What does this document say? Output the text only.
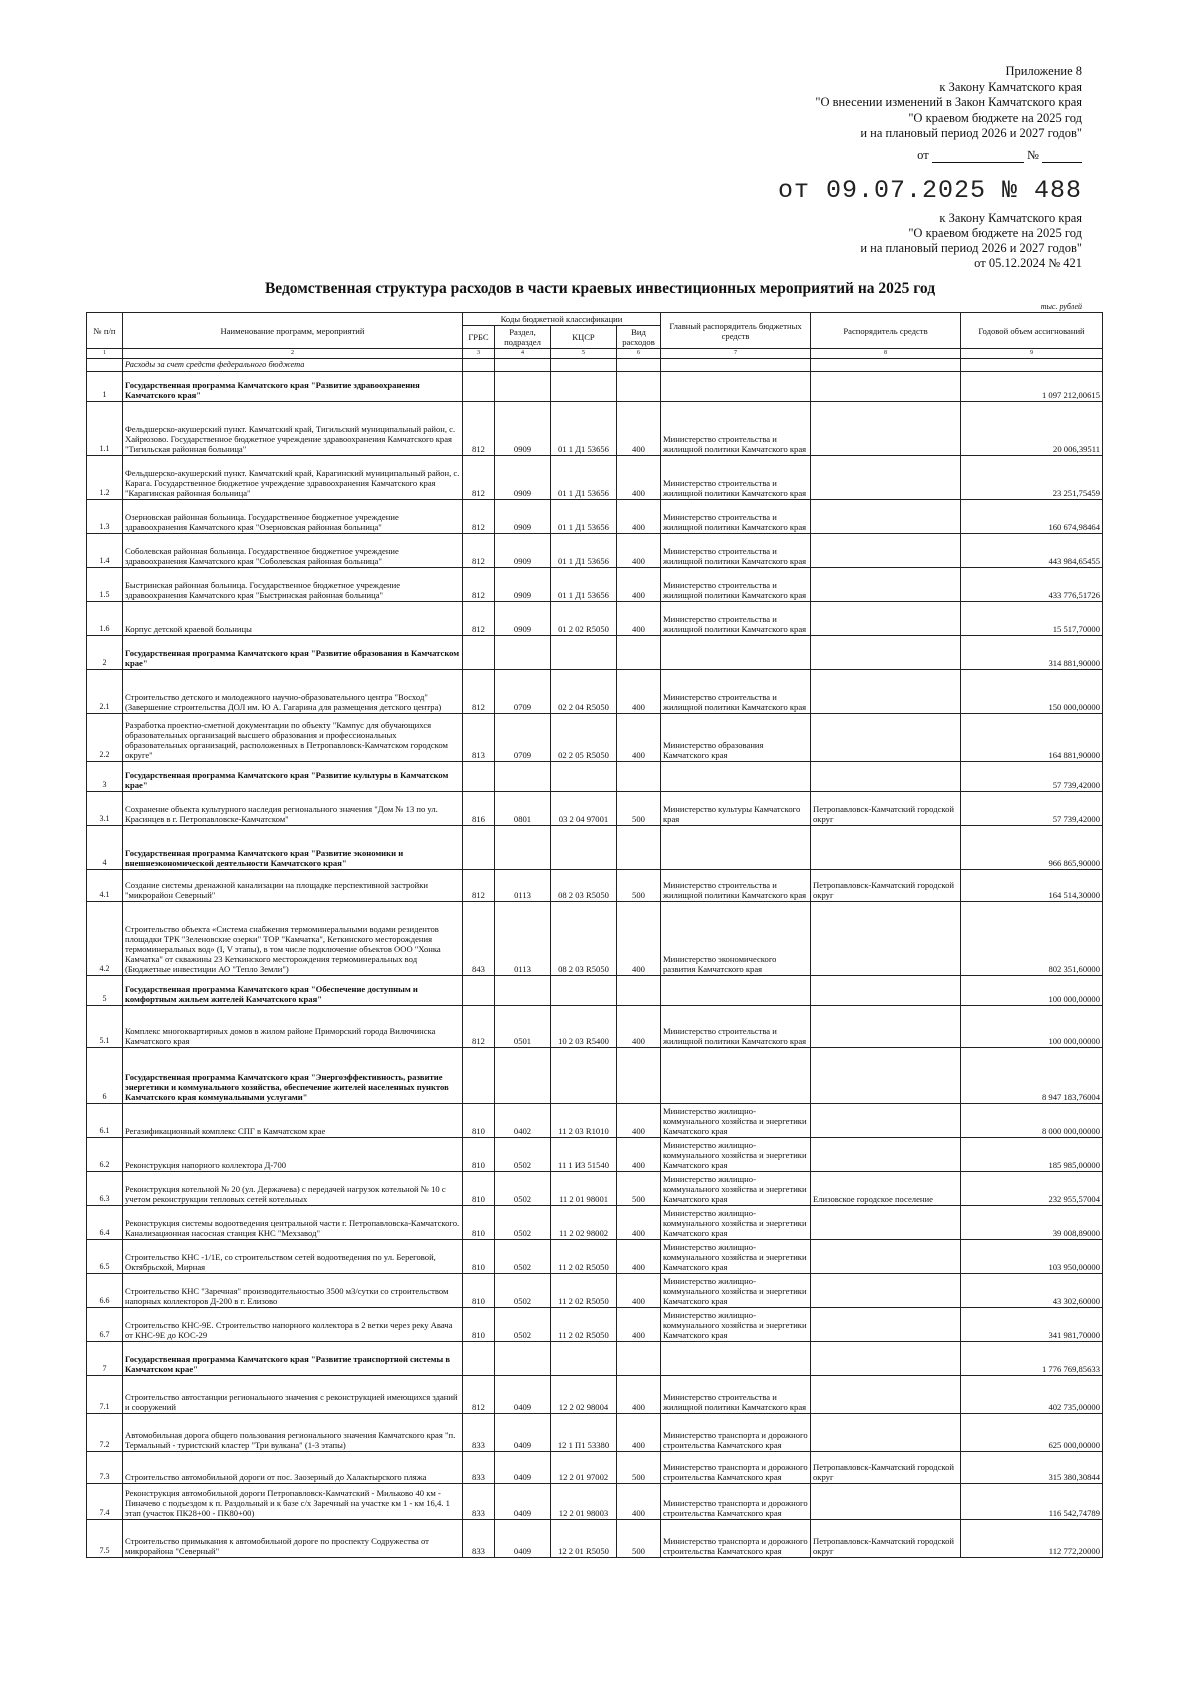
Приложение 8
к Закону Камчатского края
"О внесении изменений в Закон Камчатского края
"О краевом бюджете на 2025 год
и на плановый период 2026 и 2027 годов"
от	№
от 09.07.2025 № 488
к Закону Камчатского края
"О краевом бюджете на 2025 год
и на плановый период 2026 и 2027 годов"
от 05.12.2024 № 421
Ведомственная структура расходов в части краевых инвестиционных мероприятий на 2025 год
тыс. рублей
№ п/п	Наименование программ, мероприятий	Коды бюджетной классификации				Главный распорядитель бюджетных средств	Распорядитель средств	Годовой объем ассигнований
		ГРБС	Раздел, подраздел	КЦСР	Вид расходов			
1	2	3	4	5	6	7	8	9
	Расходы за счет средств федерального бюджета							
1	Государственная программа Камчатского края "Развитие здравоохранения Камчатского края"							1 097 212,00615
1.1	Фельдшерско-акушерский пункт. Камчатский край, Тигильский муниципальный район, с. Хайрюзово. Государственное бюджетное учреждение здравоохранения Камчатского края "Тигильская районная больница"	812	0909	01 1 Д1 53656	400	Министерство строительства и жилищной политики Камчатского края		20 006,39511
1.2	Фельдшерско-акушерский пункт. Камчатский край, Карагинский муниципальный район, с. Карага. Государственное бюджетное учреждение здравоохранения Камчатского края "Карагинская районная больница"	812	0909	01 1 Д1 53656	400	Министерство строительства и жилищной политики Камчатского края		23 251,75459
1.3	Озерновская районная больница. Государственное бюджетное учреждение здравоохранения Камчатского края "Озерновская районная больница"	812	0909	01 1 Д1 53656	400	Министерство строительства и жилищной политики Камчатского края		160 674,98464
1.4	Соболевская районная больница. Государственное бюджетное учреждение здравоохранения Камчатского края "Соболевская районная больница"	812	0909	01 1 Д1 53656	400	Министерство строительства и жилищной политики Камчатского края		443 984,65455
1.5	Быстринская районная больница. Государственное бюджетное учреждение здравоохранения Камчатского края "Быстринская районная больница"	812	0909	01 1 Д1 53656	400	Министерство строительства и жилищной политики Камчатского края		433 776,51726
1.6	Корпус детской краевой больницы	812	0909	01 2 02 R5050	400	Министерство строительства и жилищной политики Камчатского края		15 517,70000
2	Государственная программа Камчатского края "Развитие образования в Камчатском крае"							314 881,90000
2.1	Строительство детского и молодежного научно-образовательного центра "Восход" (Завершение строительства ДОЛ им. Ю А. Гагарина для размещения детского центра)	812	0709	02 2 04 R5050	400	Министерство строительства и жилищной политики Камчатского края		150 000,00000
2.2	Разработка проектно-сметной документации по объекту "Кампус для обучающихся образовательных организаций высшего образования и профессиональных образовательных организаций, расположенных в Петропавловск-Камчатском городском округе"	813	0709	02 2 05 R5050	400	Министерство образования Камчатского края		164 881,90000
3	Государственная программа Камчатского края "Развитие культуры в Камчатском крае"							57 739,42000
3.1	Сохранение объекта культурного наследия регионального значения "Дом № 13 по ул. Красинцев в г. Петропавловске-Камчатском"	816	0801	03 2 04 97001	500	Министерство культуры Камчатского края	Петропавловск-Камчатский городской округ	57 739,42000
4	Государственная программа Камчатского края "Развитие экономики и внешнеэкономической деятельности Камчатского края"							966 865,90000
4.1	Создание системы дренажной канализации на площадке перспективной застройки "микрорайон Северный"	812	0113	08 2 03 R5050	500	Министерство строительства и жилищной политики Камчатского края	Петропавловск-Камчатский городской округ	164 514,30000
4.2	Строительство объекта «Система снабжения термоминеральными водами резидентов площадки ТРК "Зеленовские озерки" ТОР "Камчатка", Кеткинского месторождения термоминеральных вод» (I, V этапы), в том числе подключение объектов ООО "Хонка Камчатка" от скважины 23 Кеткинского месторождения термоминеральных вод (Бюджетные инвестиции АО "Тепло Земли")	843	0113	08 2 03 R5050	400	Министерство экономического развития Камчатского края		802 351,60000
5	Государственная программа Камчатского края "Обеспечение доступным и комфортным жильем жителей Камчатского края"							100 000,00000
5.1	Комплекс многоквартирных домов в жилом районе Приморский города Вилючинска Камчатского края	812	0501	10 2 03 R5400	400	Министерство строительства и жилищной политики Камчатского края		100 000,00000
6	Государственная программа Камчатского края "Энергоэффективность, развитие энергетики и коммунального хозяйства, обеспечение жителей населенных пунктов Камчатского края коммунальными услугами"							8 947 183,76004
6.1	Регазификационный комплекс СПГ в Камчатском крае	810	0402	11 2 03 R1010	400	Министерство жилищно-коммунального хозяйства и энергетики Камчатского края		8 000 000,00000
6.2	Реконструкция напорного коллектора Д-700	810	0502	11 1 И3 51540	400	Министерство жилищно-коммунального хозяйства и энергетики Камчатского края		185 985,00000
6.3	Реконструкция котельной № 20 (ул. Держачева) с передачей нагрузок котельной № 10 с учетом реконструкции тепловых сетей котельных	810	0502	11 2 01 98001	500	Министерство жилищно-коммунального хозяйства и энергетики Камчатского края	Елизовское городское поселение	232 955,57004
6.4	Реконструкция системы водоотведения центральной части г. Петропавловска-Камчатского. Канализационная насосная станция КНС "Мехзавод"	810	0502	11 2 02 98002	400	Министерство жилищно-коммунального хозяйства и энергетики Камчатского края		39 008,89000
6.5	Строительство КНС -1/1Е, со строительством сетей водоотведения по ул. Береговой, Октябрьской, Мирная	810	0502	11 2 02 R5050	400	Министерство жилищно-коммунального хозяйства и энергетики Камчатского края		103 950,00000
6.6	Строительство КНС "Заречная" производительностью 3500 м3/сутки со строительством напорных коллекторов Д-200 в г. Елизово	810	0502	11 2 02 R5050	400	Министерство жилищно-коммунального хозяйства и энергетики Камчатского края		43 302,60000
6.7	Строительство КНС-9Е. Строительство напорного коллектора в 2 ветки через реку Авача от КНС-9Е до КОС-29	810	0502	11 2 02 R5050	400	Министерство жилищно-коммунального хозяйства и энергетики Камчатского края		341 981,70000
7	Государственная программа Камчатского края "Развитие транспортной системы в Камчатском крае"							1 776 769,85633
7.1	Строительство автостанции регионального значения с реконструкцией имеющихся зданий и сооружений	812	0409	12 2 02 98004	400	Министерство строительства и жилищной политики Камчатского края		402 735,00000
7.2	Автомобильная дорога общего пользования регионального значения Камчатского края "п. Термальный - туристский кластер "Три вулкана" (1-3 этапы)	833	0409	12 1 П1 53380	400	Министерство транспорта и дорожного строительства Камчатского края		625 000,00000
7.3	Строительство автомобильной дороги от пос. Заозерный до Халактырского пляжа	833	0409	12 2 01 97002	500	Министерство транспорта и дорожного строительства Камчатского края	Петропавловск-Камчатский городской округ	315 380,30844
7.4	Реконструкция автомобильной дороги Петропавловск-Камчатский - Мильково 40 км - Пиначево с подъездом к п. Раздольный и к базе с/х Заречный на участке км 1 - км 16,4. 1 этап (участок ПК28+00 - ПК80+00)	833	0409	12 2 01 98003	400	Министерство транспорта и дорожного строительства Камчатского края		116 542,74789
7.5	Строительство примыкания к автомобильной дороге по проспекту Содружества от микрорайона "Северный"	833	0409	12 2 01 R5050	500	Министерство транспорта и дорожного строительства Камчатского края	Петропавловск-Камчатский городской округ	112 772,20000
